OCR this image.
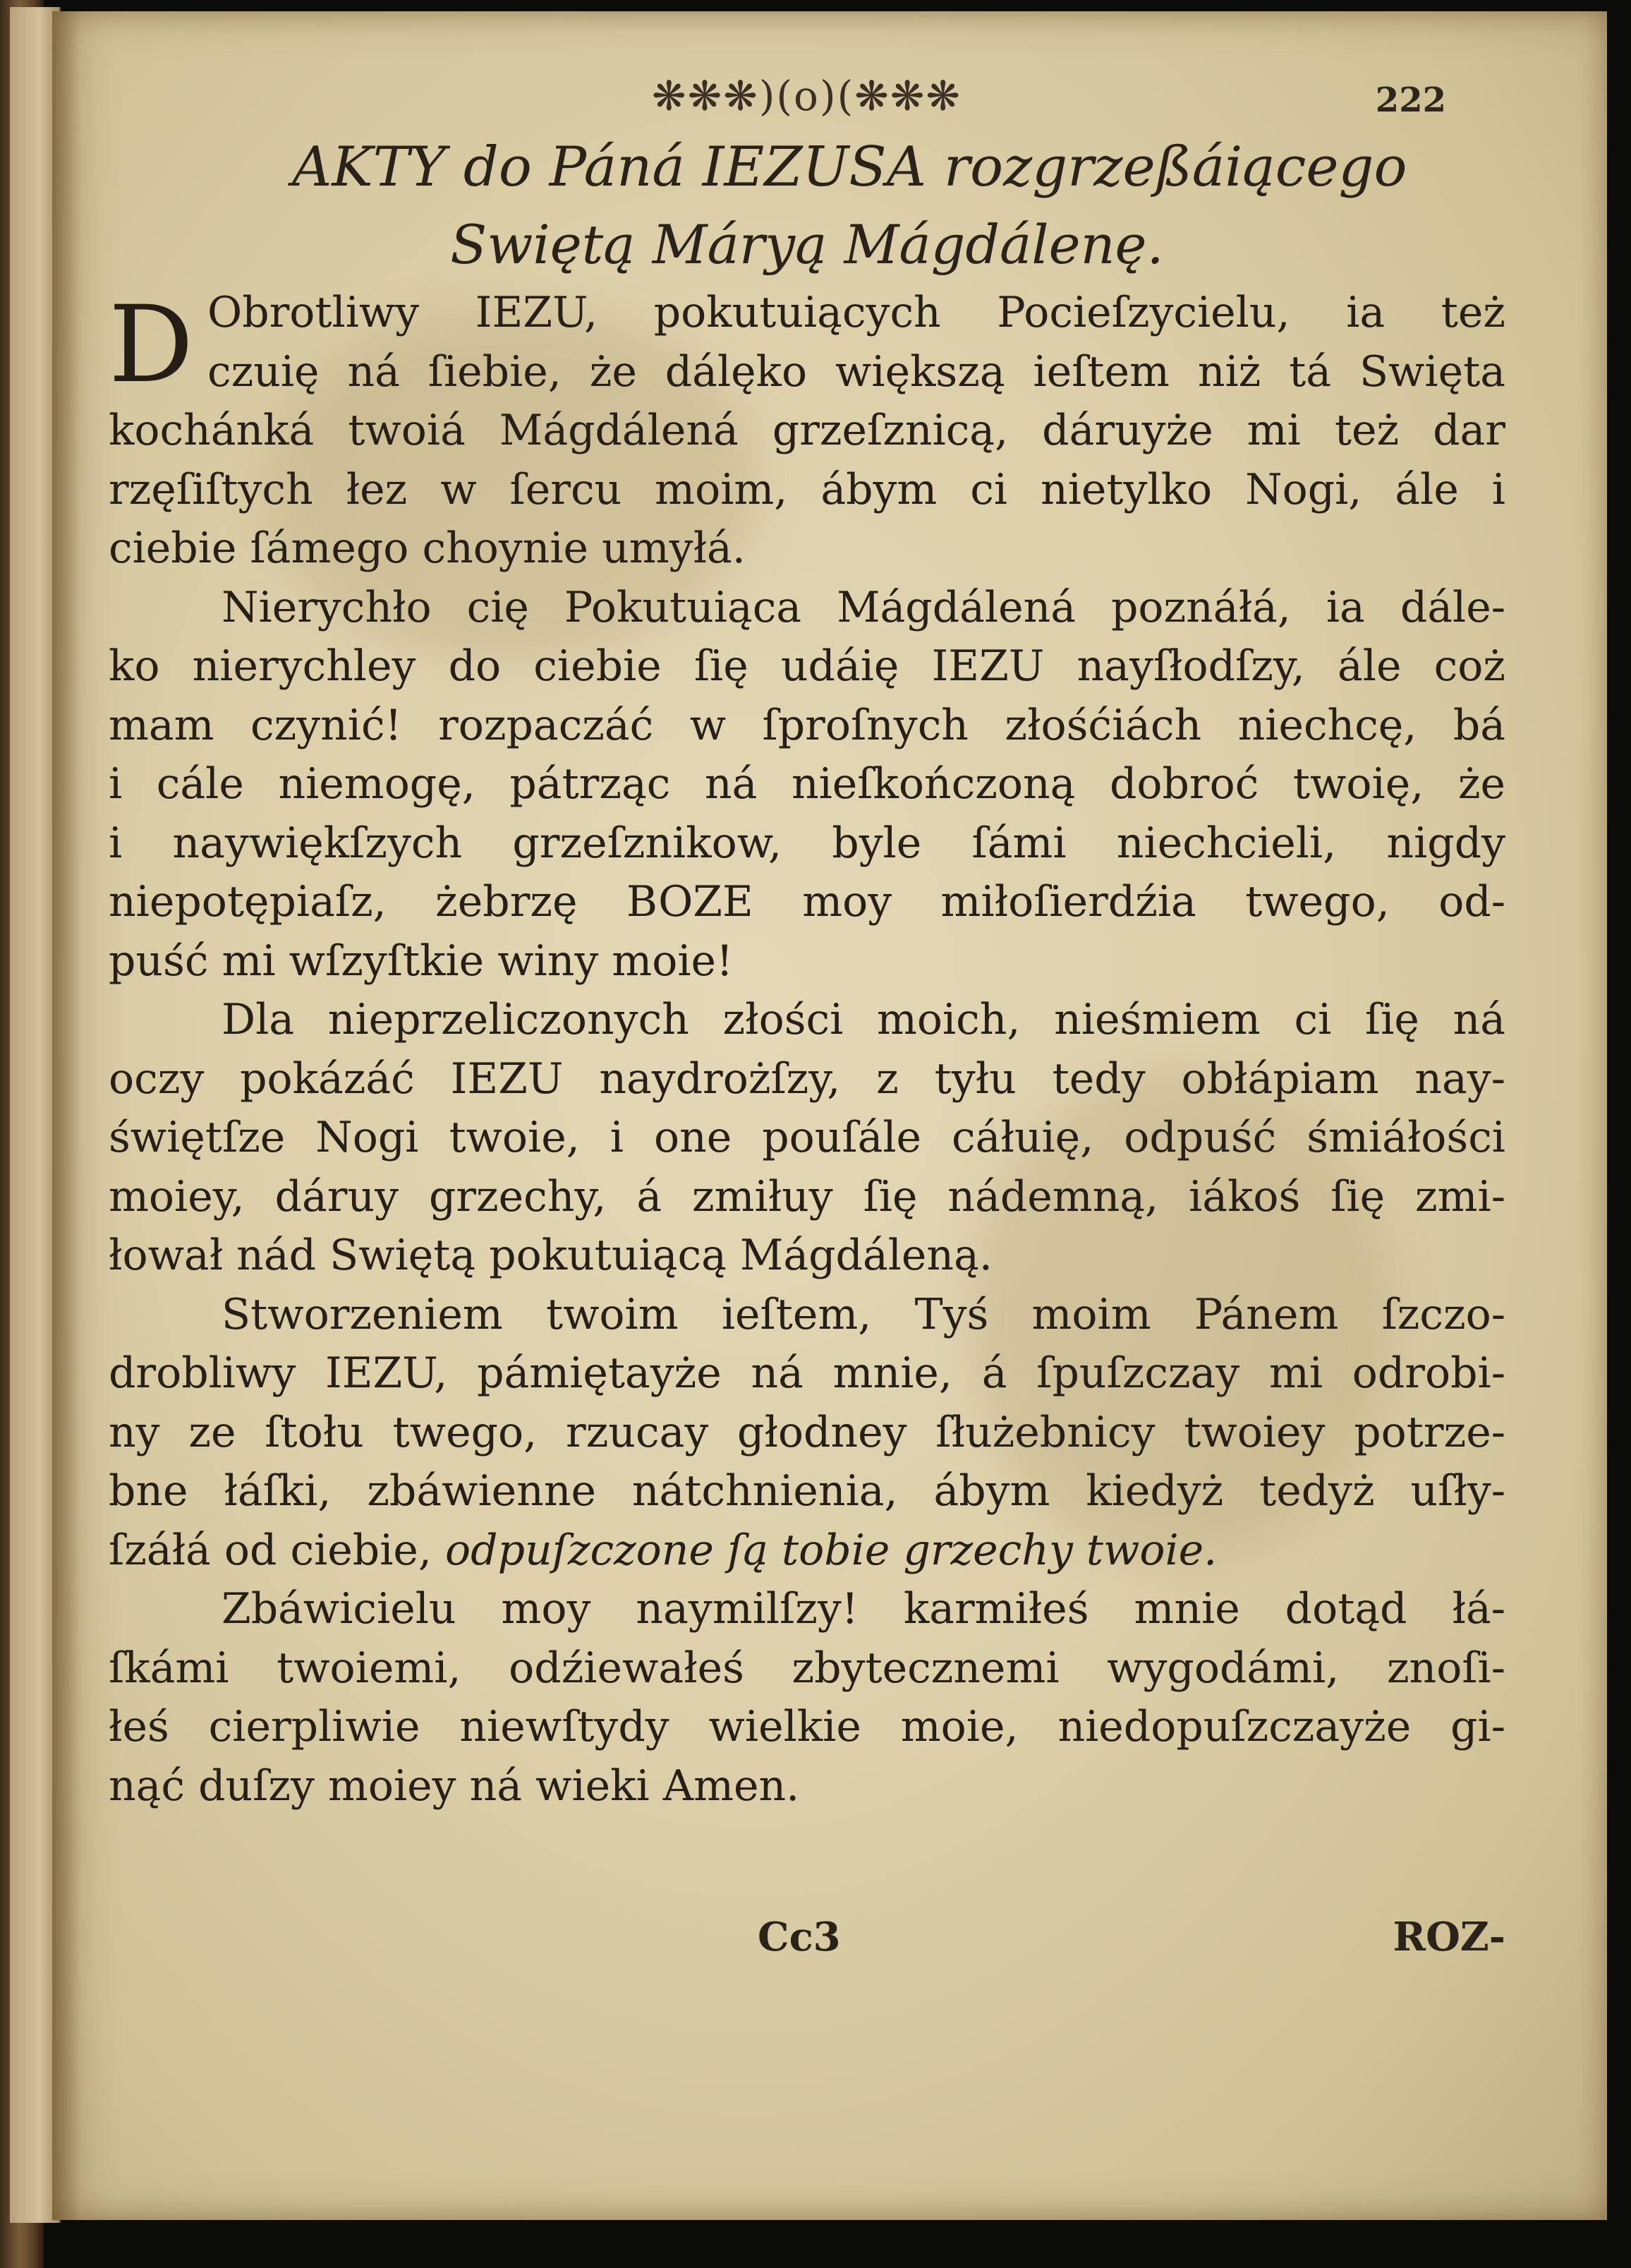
❋❋❋)(o)(❋❋❋	222
AKTY do Páná IEZUSA rozgrzeßáiącego
Swiętą Máryą Mágdálenę.
D Obrotliwy IEZU, pokutuiących Pocieſzycielu, ia też
czuię ná ſiebie, że dálęko większą ieſtem niż tá Swięta
kochánká twoiá Mágdálená grzeſznicą, dáruyże mi też dar
rzęſiſtych łez w ſercu moim, ábym ci nietylko Nogi, ále i
ciebie ſámego choynie umyłá.
Nierychło cię Pokutuiąca Mágdálená poznáłá, ia dále-
ko nierychley do ciebie ſię udáię IEZU nayſłodſzy, ále coż
mam czynić! rozpaczáć w ſproſnych złośćiách niechcę, bá
i cále niemogę, pátrząc ná nieſkończoną dobroć twoię, że
i naywiękſzych grzeſznikow, byle ſámi niechcieli, nigdy
niepotępiaſz, żebrzę BOZE moy miłoſierdźia twego, od-
puść mi wſzyſtkie winy moie!
Dla nieprzeliczonych złości moich, nieśmiem ci ſię ná
oczy pokázáć IEZU naydrożſzy, z tyłu tedy obłápiam nay-
świętſze Nogi twoie, i one pouſále cáłuię, odpuść śmiáłości
moiey, dáruy grzechy, á zmiłuy ſię nádemną, iákoś ſię zmi-
łował nád Swiętą pokutuiącą Mágdáleną.
Stworzeniem twoim ieſtem, Tyś moim Pánem ſzczo-
drobliwy IEZU, pámiętayże ná mnie, á ſpuſzczay mi odrobi-
ny ze ſtołu twego, rzucay głodney ſłużebnicy twoiey potrze-
bne łáſki, zbáwienne nátchnienia, ábym kiedyż tedyż uſły-
ſzáłá od ciebie, odpuſzczone ſą tobie grzechy twoie.
Zbáwicielu moy naymilſzy! karmiłeś mnie dotąd łá-
ſkámi twoiemi, odźiewałeś zbytecznemi wygodámi, znoſi-
łeś cierpliwie niewſtydy wielkie moie, niedopuſzczayże gi-
nąć duſzy moiey ná wieki Amen.
Cc3	ROZ-
